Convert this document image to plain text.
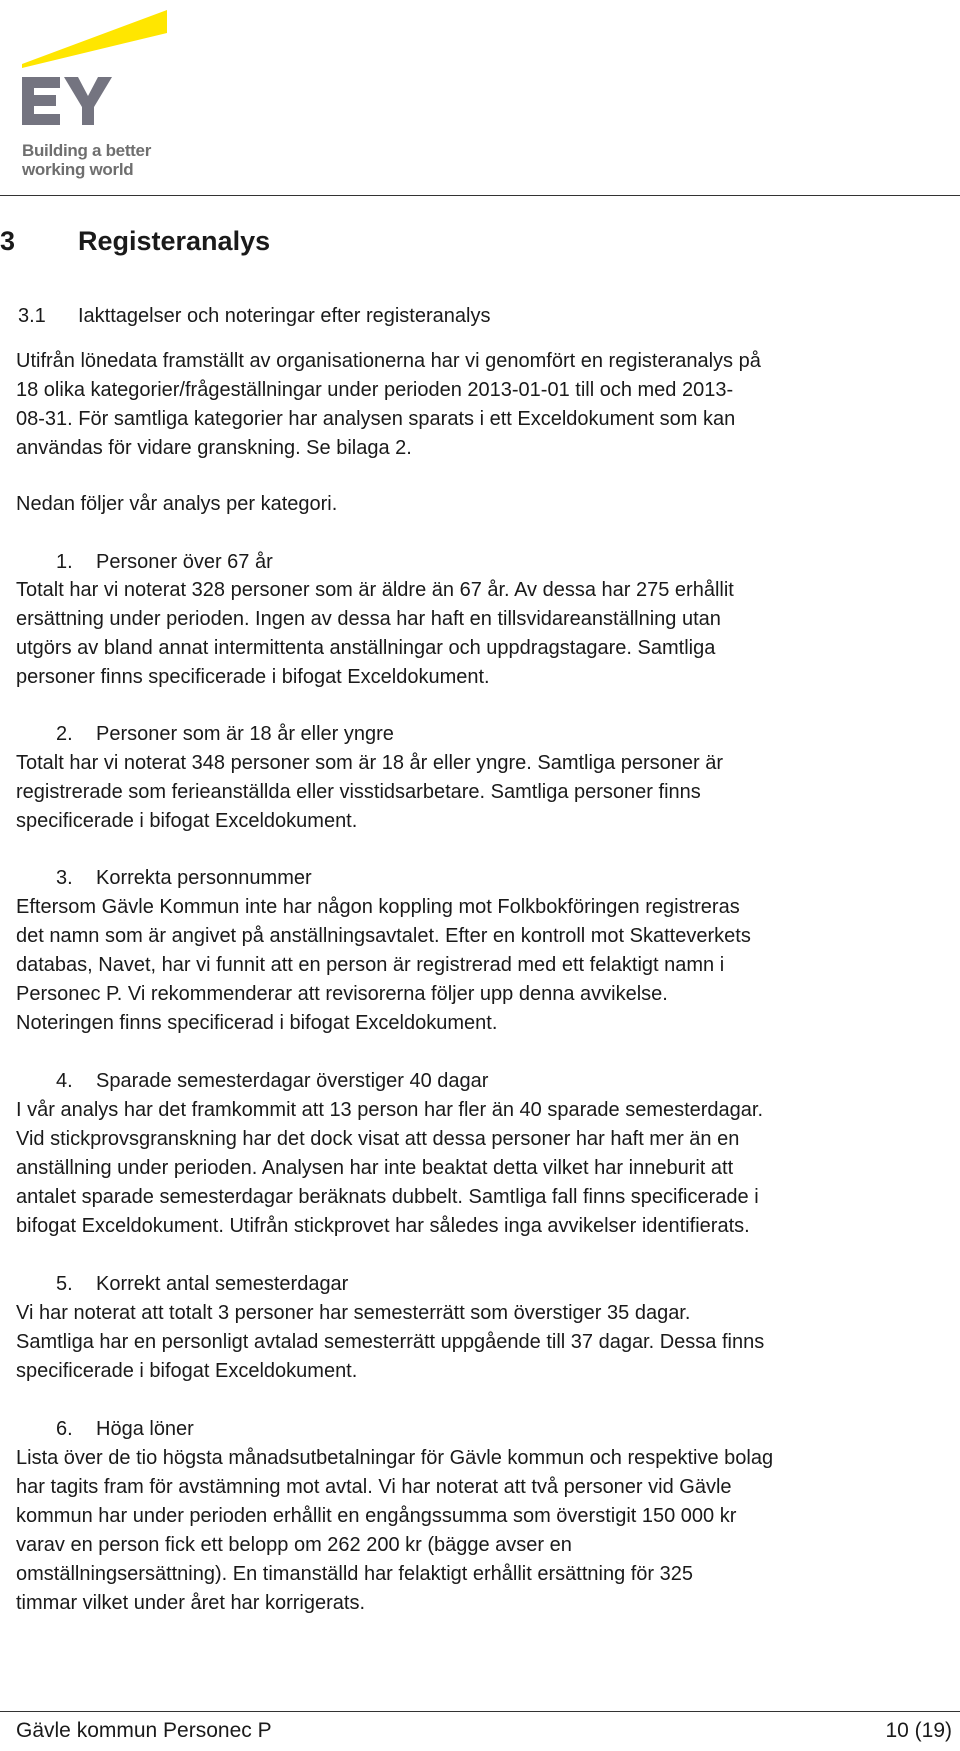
Building a better
working world
3 Registeranalys
3.1 Iakttagelser och noteringar efter registeranalys
Utifrån lönedata framställt av organisationerna har vi genomfört en registeranalys på
18 olika kategorier/frågeställningar under perioden 2013-01-01 till och med 2013-
08-31. För samtliga kategorier har analysen sparats i ett Exceldokument som kan
användas för vidare granskning. Se bilaga 2.
Nedan följer vår analys per kategori.
1. Personer över 67 år
Totalt har vi noterat 328 personer som är äldre än 67 år. Av dessa har 275 erhållit
ersättning under perioden. Ingen av dessa har haft en tillsvidareanställning utan
utgörs av bland annat intermittenta anställningar och uppdragstagare. Samtliga
personer finns specificerade i bifogat Exceldokument.
2. Personer som är 18 år eller yngre
Totalt har vi noterat 348 personer som är 18 år eller yngre. Samtliga personer är
registrerade som ferieanställda eller visstidsarbetare. Samtliga personer finns
specificerade i bifogat Exceldokument.
3. Korrekta personnummer
Eftersom Gävle Kommun inte har någon koppling mot Folkbokföringen registreras
det namn som är angivet på anställningsavtalet. Efter en kontroll mot Skatteverkets
databas, Navet, har vi funnit att en person är registrerad med ett felaktigt namn i
Personec P. Vi rekommenderar att revisorerna följer upp denna avvikelse.
Noteringen finns specificerad i bifogat Exceldokument.
4. Sparade semesterdagar överstiger 40 dagar
I vår analys har det framkommit att 13 person har fler än 40 sparade semesterdagar.
Vid stickprovsgranskning har det dock visat att dessa personer har haft mer än en
anställning under perioden. Analysen har inte beaktat detta vilket har inneburit att
antalet sparade semesterdagar beräknats dubbelt. Samtliga fall finns specificerade i
bifogat Exceldokument. Utifrån stickprovet har således inga avvikelser identifierats.
5. Korrekt antal semesterdagar
Vi har noterat att totalt 3 personer har semesterrätt som överstiger 35 dagar.
Samtliga har en personligt avtalad semesterrätt uppgående till 37 dagar. Dessa finns
specificerade i bifogat Exceldokument.
6. Höga löner
Lista över de tio högsta månadsutbetalningar för Gävle kommun och respektive bolag
har tagits fram för avstämning mot avtal. Vi har noterat att två personer vid Gävle
kommun har under perioden erhållit en engångssumma som överstigit 150 000 kr
varav en person fick ett belopp om 262 200 kr (bägge avser en
omställningsersättning). En timanställd har felaktigt erhållit ersättning för 325
timmar vilket under året har korrigerats.
Gävle kommun Personec P	10 (19)
